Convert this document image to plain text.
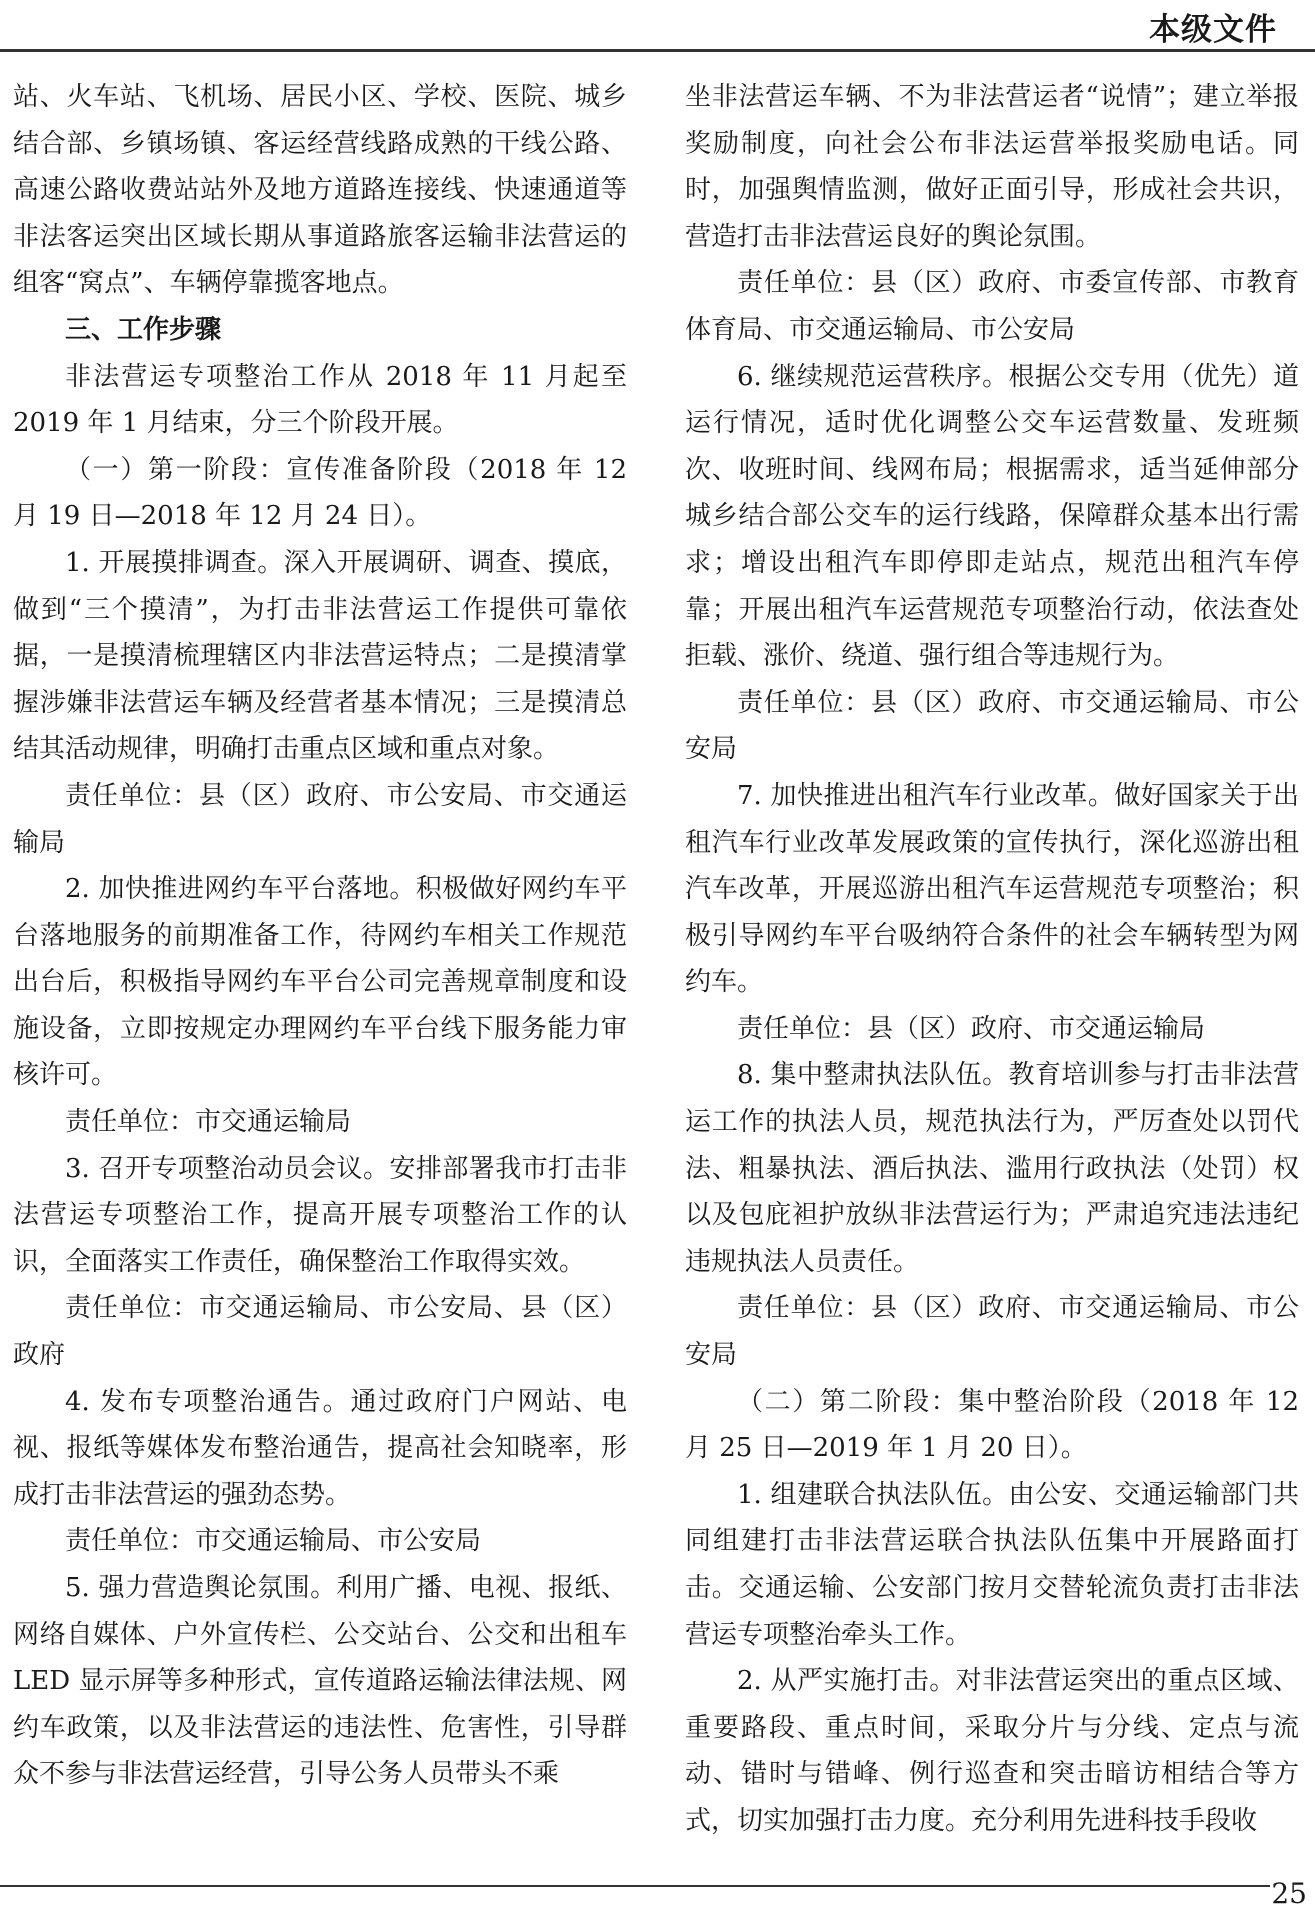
本级文件

站、火车站、飞机场、居民小区、学校、医院、城乡结合部、乡镇场镇、客运经营线路成熟的干线公路、高速公路收费站站外及地方道路连接线、快速通道等非法客运突出区域长期从事道路旅客运输非法营运的组客“窝点”、车辆停靠揽客地点。

三、工作步骤

非法营运专项整治工作从 2018 年 11 月起至 2019 年 1 月结束，分三个阶段开展。

（一）第一阶段：宣传准备阶段（2018 年 12 月 19 日—2018 年 12 月 24 日）。

1. 开展摸排调查。深入开展调研、调查、摸底，做到“三个摸清”，为打击非法营运工作提供可靠依据，一是摸清梳理辖区内非法营运特点；二是摸清掌握涉嫌非法营运车辆及经营者基本情况；三是摸清总结其活动规律，明确打击重点区域和重点对象。

责任单位：县（区）政府、市公安局、市交通运输局

2. 加快推进网约车平台落地。积极做好网约车平台落地服务的前期准备工作，待网约车相关工作规范出台后，积极指导网约车平台公司完善规章制度和设施设备，立即按规定办理网约车平台线下服务能力审核许可。

责任单位：市交通运输局

3. 召开专项整治动员会议。安排部署我市打击非法营运专项整治工作，提高开展专项整治工作的认识，全面落实工作责任，确保整治工作取得实效。

责任单位：市交通运输局、市公安局、县（区）政府

4. 发布专项整治通告。通过政府门户网站、电视、报纸等媒体发布整治通告，提高社会知晓率，形成打击非法营运的强劲态势。

责任单位：市交通运输局、市公安局

5. 强力营造舆论氛围。利用广播、电视、报纸、网络自媒体、户外宣传栏、公交站台、公交和出租车 LED 显示屏等多种形式，宣传道路运输法律法规、网约车政策，以及非法营运的违法性、危害性，引导群众不参与非法营运经营，引导公务人员带头不乘

坐非法营运车辆、不为非法营运者“说情”；建立举报奖励制度，向社会公布非法运营举报奖励电话。同时，加强舆情监测，做好正面引导，形成社会共识，营造打击非法营运良好的舆论氛围。

责任单位：县（区）政府、市委宣传部、市教育体育局、市交通运输局、市公安局

6. 继续规范运营秩序。根据公交专用（优先）道运行情况，适时优化调整公交车运营数量、发班频次、收班时间、线网布局；根据需求，适当延伸部分城乡结合部公交车的运行线路，保障群众基本出行需求；增设出租汽车即停即走站点，规范出租汽车停靠；开展出租汽车运营规范专项整治行动，依法查处拒载、涨价、绕道、强行组合等违规行为。

责任单位：县（区）政府、市交通运输局、市公安局

7. 加快推进出租汽车行业改革。做好国家关于出租汽车行业改革发展政策的宣传执行，深化巡游出租汽车改革，开展巡游出租汽车运营规范专项整治；积极引导网约车平台吸纳符合条件的社会车辆转型为网约车。

责任单位：县（区）政府、市交通运输局

8. 集中整肃执法队伍。教育培训参与打击非法营运工作的执法人员，规范执法行为，严厉查处以罚代法、粗暴执法、酒后执法、滥用行政执法（处罚）权以及包庇袒护放纵非法营运行为；严肃追究违法违纪违规执法人员责任。

责任单位：县（区）政府、市交通运输局、市公安局

（二）第二阶段：集中整治阶段（2018 年 12 月 25 日—2019 年 1 月 20 日）。

1. 组建联合执法队伍。由公安、交通运输部门共同组建打击非法营运联合执法队伍集中开展路面打击。交通运输、公安部门按月交替轮流负责打击非法营运专项整治牵头工作。

2. 从严实施打击。对非法营运突出的重点区域、重要路段、重点时间，采取分片与分线、定点与流动、错时与错峰、例行巡查和突击暗访相结合等方式，切实加强打击力度。充分利用先进科技手段收

25
